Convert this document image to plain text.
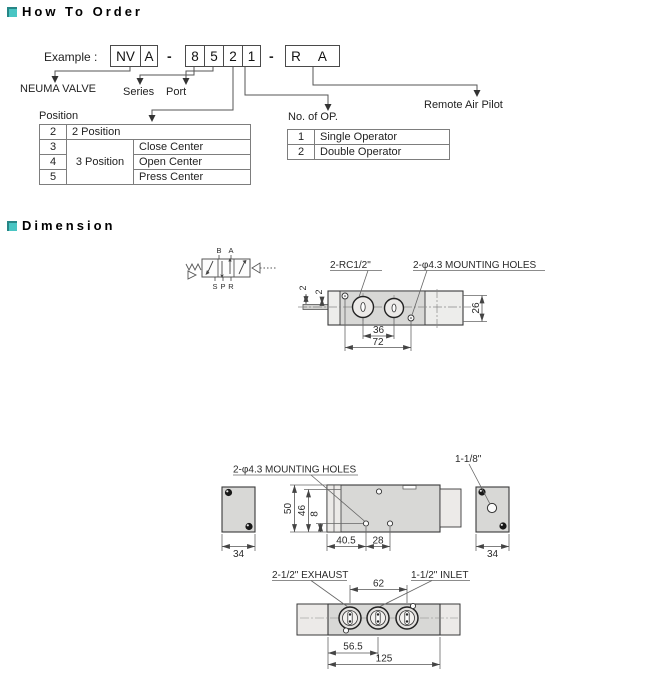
How To Order
Example :	NV A -	8 5 2 1 -	R A
NEUMA VALVE Series Port
Remote Air Pilot
Position
2	2 Position	
3	3 Position	Close Center
4		Open Center
5		Press Center
No. of OP.
1	Single Operator
2	Double Operator
Dimension
B A
S P R
2-RC1/2"	2-φ4.3 MOUNTING HOLES
2
2
26
36
72
2-φ4.3 MOUNTING HOLES
1-1/8"
34	34
50 46 8
40.5 28
2-1/2" EXHAUST	1-1/2" INLET
62
56.5
125
